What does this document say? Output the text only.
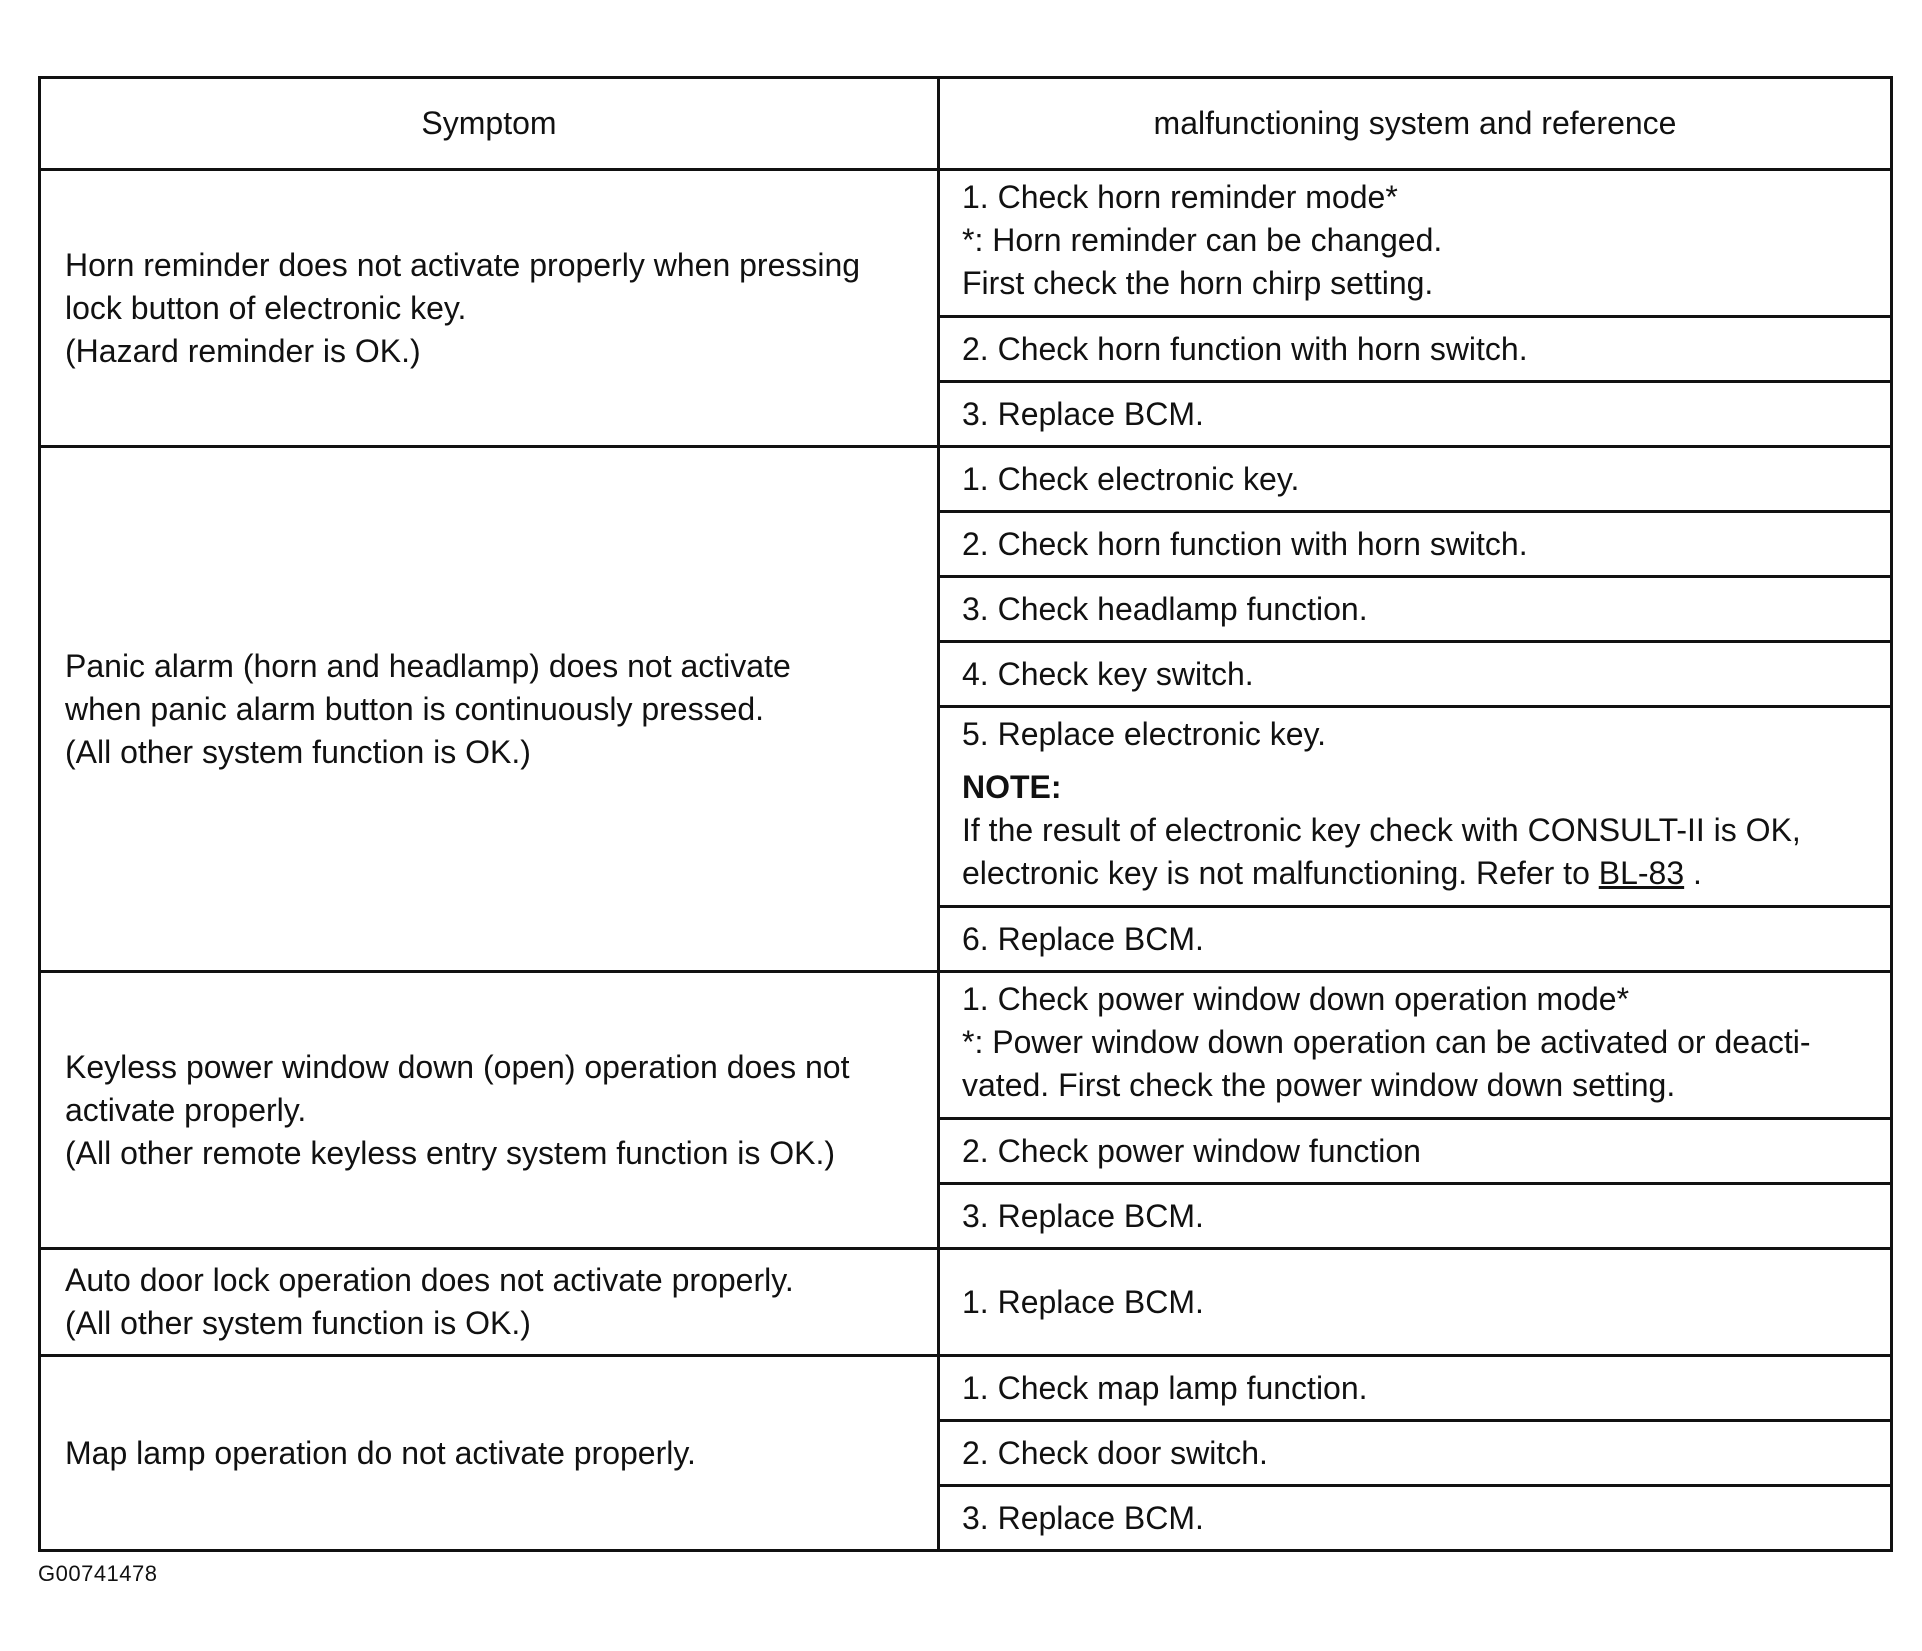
Symptom	malfunctioning system and reference

Horn reminder does not activate properly when pressing
lock button of electronic key.
(Hazard reminder is OK.)	1. Check horn reminder mode*
*: Horn reminder can be changed.
First check the horn chirp setting.

	2. Check horn function with horn switch.

	3. Replace BCM.

Panic alarm (horn and headlamp) does not activate
when panic alarm button is continuously pressed.
(All other system function is OK.)	1. Check electronic key.

	2. Check horn function with horn switch.

	3. Check headlamp function.

	4. Check key switch.

	5. Replace electronic key.
NOTE:
If the result of electronic key check with CONSULT-II is OK,
electronic key is not malfunctioning. Refer to BL-83 .

	6. Replace BCM.

Keyless power window down (open) operation does not
activate properly.
(All other remote keyless entry system function is OK.)	1. Check power window down operation mode*
*: Power window down operation can be activated or deacti-
vated. First check the power window down setting.

	2. Check power window function

	3. Replace BCM.

Auto door lock operation does not activate properly.
(All other system function is OK.)	1. Replace BCM.

Map lamp operation do not activate properly.	1. Check map lamp function.

	2. Check door switch.

	3. Replace BCM.
G00741478
